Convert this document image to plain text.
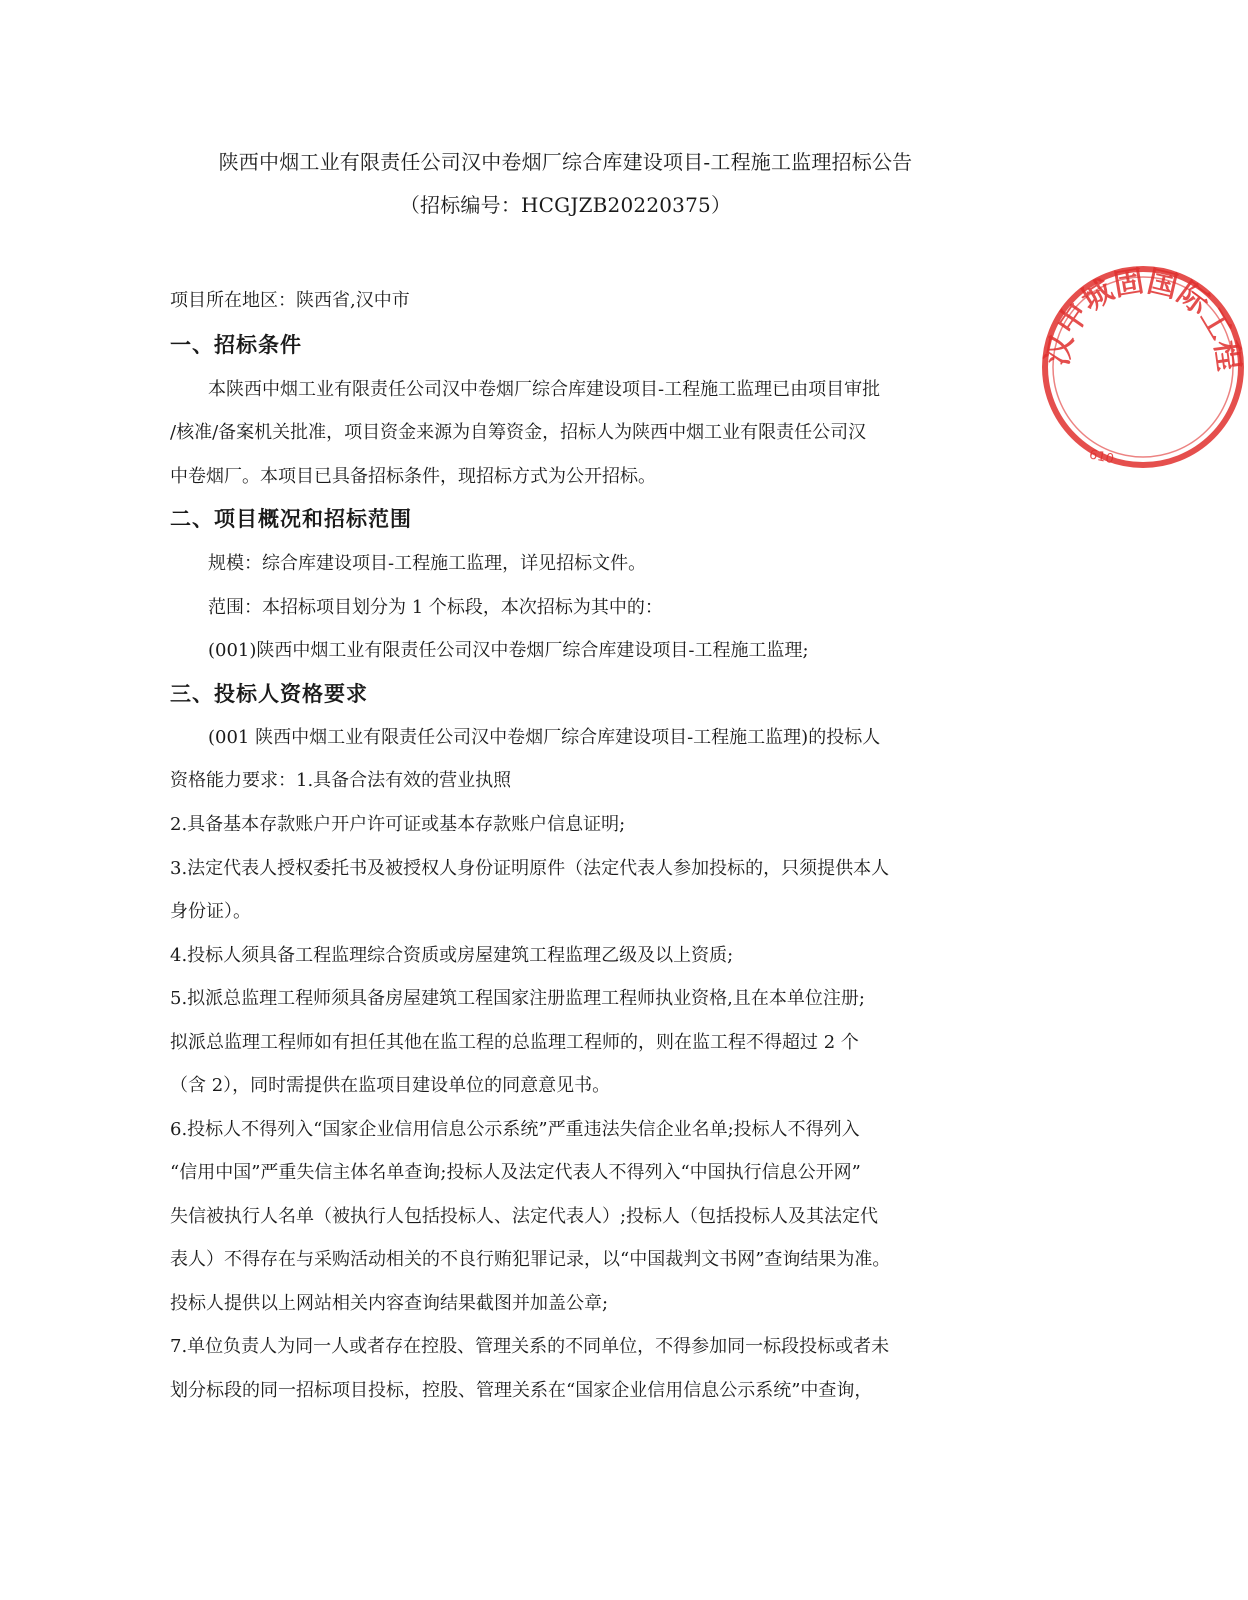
陕西中烟工业有限责任公司汉中卷烟厂综合库建设项目-工程施工监理招标公告
（招标编号：HCGJZB20220375）
项目所在地区：陕西省,汉中市
一、招标条件
本陕西中烟工业有限责任公司汉中卷烟厂综合库建设项目-工程施工监理已由项目审批
/核准/备案机关批准，项目资金来源为自筹资金，招标人为陕西中烟工业有限责任公司汉
中卷烟厂。本项目已具备招标条件，现招标方式为公开招标。
二、项目概况和招标范围
规模：综合库建设项目-工程施工监理，详见招标文件。
范围：本招标项目划分为 1 个标段，本次招标为其中的：
(001)陕西中烟工业有限责任公司汉中卷烟厂综合库建设项目-工程施工监理;
三、投标人资格要求
(001 陕西中烟工业有限责任公司汉中卷烟厂综合库建设项目-工程施工监理)的投标人
资格能力要求：1.具备合法有效的营业执照
2.具备基本存款账户开户许可证或基本存款账户信息证明;
3.法定代表人授权委托书及被授权人身份证明原件（法定代表人参加投标的，只须提供本人
身份证）。
4.投标人须具备工程监理综合资质或房屋建筑工程监理乙级及以上资质;
5.拟派总监理工程师须具备房屋建筑工程国家注册监理工程师执业资格,且在本单位注册;
拟派总监理工程师如有担任其他在监工程的总监理工程师的，则在监工程不得超过 2 个
（含 2），同时需提供在监项目建设单位的同意意见书。
6.投标人不得列入“国家企业信用信息公示系统”严重违法失信企业名单;投标人不得列入
“信用中国”严重失信主体名单查询;投标人及法定代表人不得列入“中国执行信息公开网”
失信被执行人名单（被执行人包括投标人、法定代表人）;投标人（包括投标人及其法定代
表人）不得存在与采购活动相关的不良行贿犯罪记录，以“中国裁判文书网”查询结果为准。
投标人提供以上网站相关内容查询结果截图并加盖公章;
7.单位负责人为同一人或者存在控股、管理关系的不同单位，不得参加同一标段投标或者未
划分标段的同一招标项目投标，控股、管理关系在“国家企业信用信息公示系统”中查询，
汉中城固国际工程
610
